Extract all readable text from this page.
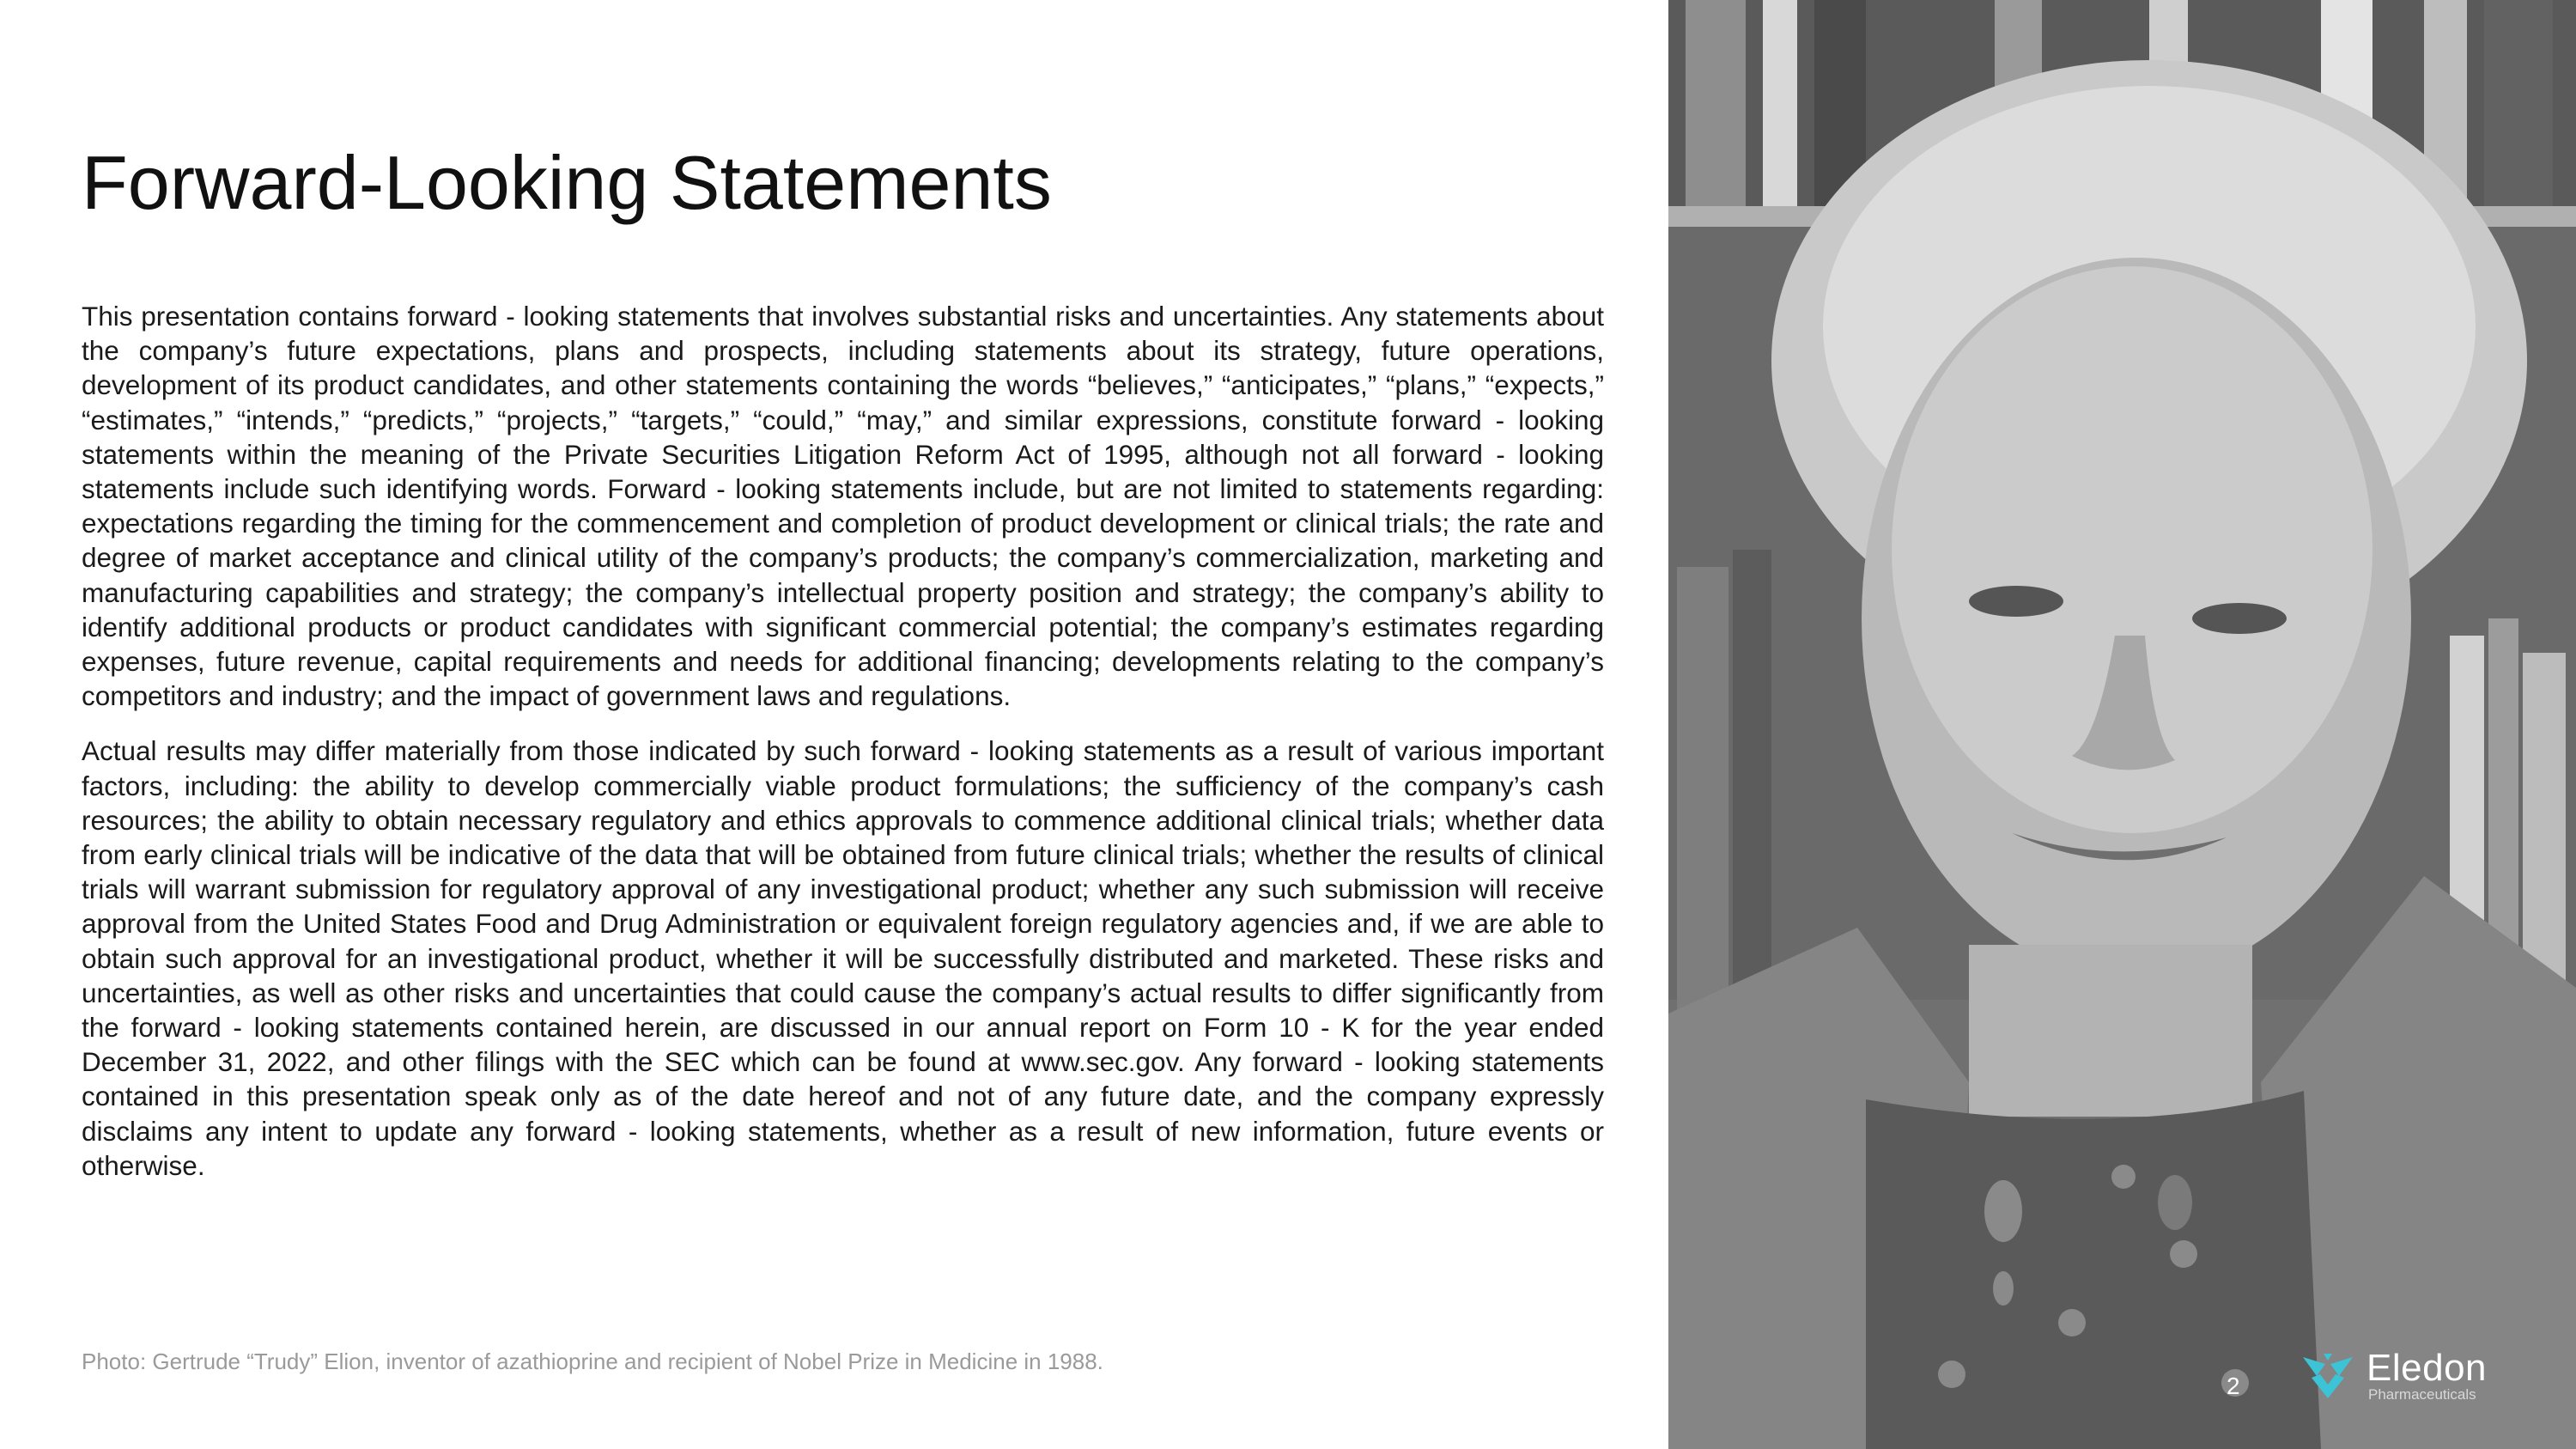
Forward-Looking Statements

This presentation contains forward - looking statements that involves substantial risks and uncertainties. Any statements about the company’s future expectations, plans and prospects, including statements about its strategy, future operations, development of its product candidates, and other statements containing the words “believes,” “anticipates,” “plans,” “expects,” “estimates,” “intends,” “predicts,” “projects,” “targets,” “could,” “may,” and similar expressions, constitute forward - looking statements within the meaning of the Private Securities Litigation Reform Act of 1995, although not all forward - looking statements include such identifying words. Forward - looking statements include, but are not limited to statements regarding: expectations regarding the timing for the commencement and completion of product development or clinical trials; the rate and degree of market acceptance and clinical utility of the company’s products; the company’s commercialization, marketing and manufacturing capabilities and strategy; the company’s intellectual property position and strategy; the company’s ability to identify additional products or product candidates with significant commercial potential; the company’s estimates regarding expenses, future revenue, capital requirements and needs for additional financing; developments relating to the company’s competitors and industry; and the impact of government laws and regulations.

Actual results may differ materially from those indicated by such forward - looking statements as a result of various important factors, including: the ability to develop commercially viable product formulations; the sufficiency of the company’s cash resources; the ability to obtain necessary regulatory and ethics approvals to commence additional clinical trials; whether data from early clinical trials will be indicative of the data that will be obtained from future clinical trials; whether the results of clinical trials will warrant submission for regulatory approval of any investigational product; whether any such submission will receive approval from the United States Food and Drug Administration or equivalent foreign regulatory agencies and, if we are able to obtain such approval for an investigational product, whether it will be successfully distributed and marketed. These risks and uncertainties, as well as other risks and uncertainties that could cause the company’s actual results to differ significantly from the forward - looking statements contained herein, are discussed in our annual report on Form 10 - K for the year ended December 31, 2022, and other filings with the SEC which can be found at www.sec.gov. Any forward - looking statements contained in this presentation speak only as of the date hereof and not of any future date, and the company expressly disclaims any intent to update any forward - looking statements, whether as a result of new information, future events or otherwise.

Photo: Gertrude “Trudy” Elion, inventor of azathioprine and recipient of Nobel Prize in Medicine in 1988.

2	Eledon
Pharmaceuticals
